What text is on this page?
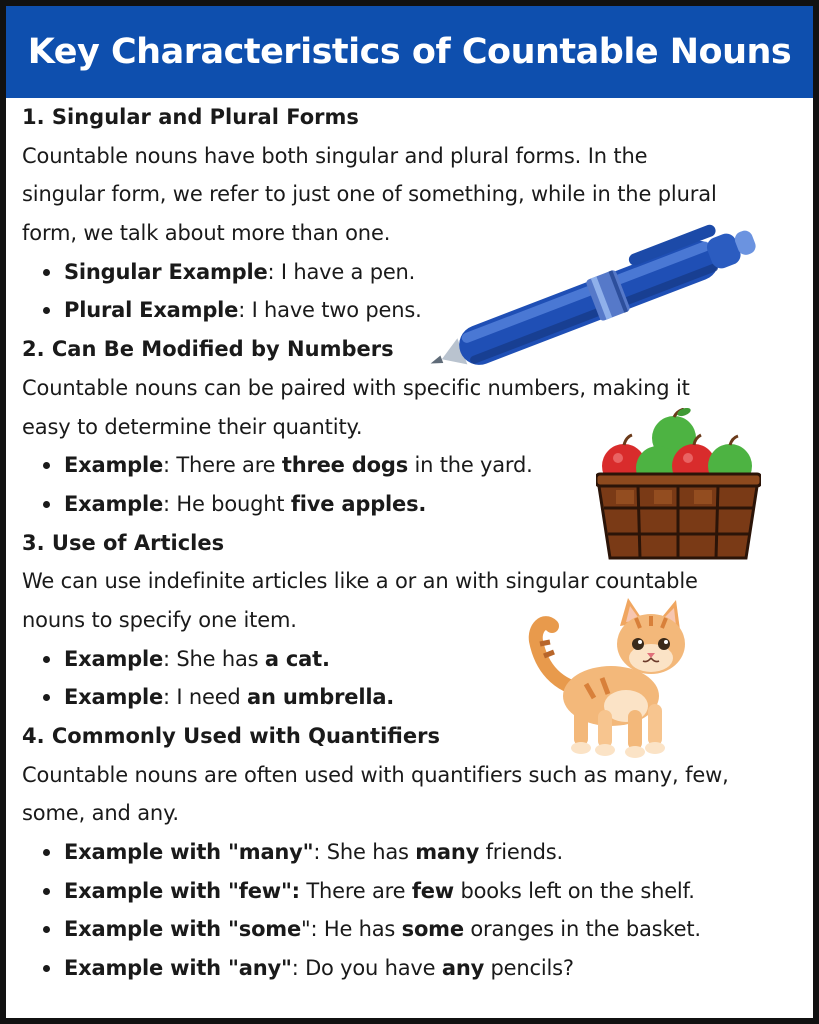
Key Characteristics of Countable Nouns
1. Singular and Plural Forms
Countable nouns have both singular and plural forms. In the
singular form, we refer to just one of something, while in the plural
form, we talk about more than one.
Singular Example: I have a pen.
Plural Example: I have two pens.
2. Can Be Modified by Numbers
Countable nouns can be paired with specific numbers, making it
easy to determine their quantity.
Example: There are three dogs in the yard.
Example: He bought five apples.
3. Use of Articles
We can use indefinite articles like a or an with singular countable
nouns to specify one item.
Example: She has a cat.
Example: I need an umbrella.
4. Commonly Used with Quantifiers
Countable nouns are often used with quantifiers such as many, few,
some, and any.
Example with "many": She has many friends.
Example with "few": There are few books left on the shelf.
Example with "some": He has some oranges in the basket.
Example with "any": Do you have any pencils?
